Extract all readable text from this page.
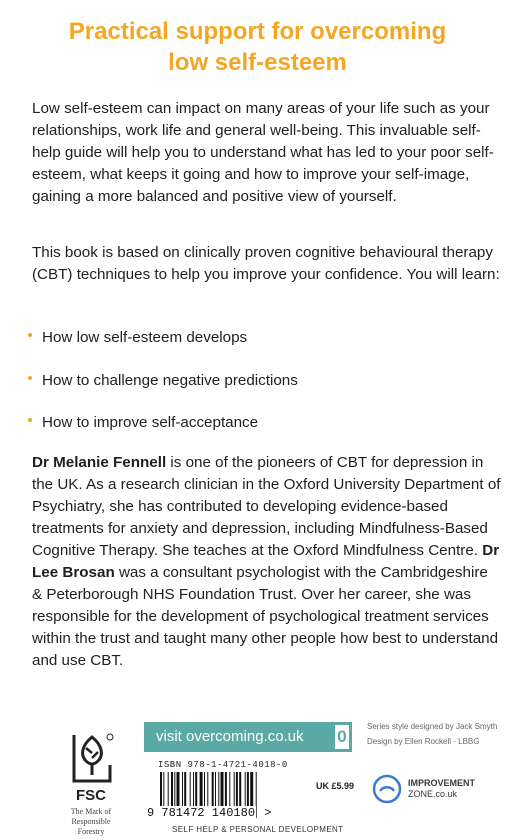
Practical support for overcoming
low self-esteem

Low self-esteem can impact on many areas of your life such as your relationships, work life and general well-being. This invaluable self-help guide will help you to understand what has led to your poor self-esteem, what keeps it going and how to improve your self-image, gaining a more balanced and positive view of yourself.

This book is based on clinically proven cognitive behavioural therapy (CBT) techniques to help you improve your confidence. You will learn:

How low self-esteem develops
How to challenge negative predictions
How to improve self-acceptance

Dr Melanie Fennell is one of the pioneers of CBT for depression in the UK. As a research clinician in the Oxford University Department of Psychiatry, she has contributed to developing evidence-based treatments for anxiety and depression, including Mindfulness-Based Cognitive Therapy. She teaches at the Oxford Mindfulness Centre. Dr Lee Brosan was a consultant psychologist with the Cambridgeshire & Peterborough NHS Foundation Trust. Over her career, she was responsible for the development of psychological treatment services within the trust and taught many other people how best to understand and use CBT.

visit overcoming.co.uk	0
Series style designed by Jack Smyth
Design by Ellen Rockell - LBBG
FSC
The Mark of
Responsible
Forestry
ISBN 978-1-4721-4018-0
UK £5.99
9 781472 140180 >
SELF HELP & PERSONAL DEVELOPMENT
IMPROVEMENT
ZONE.co.uk
